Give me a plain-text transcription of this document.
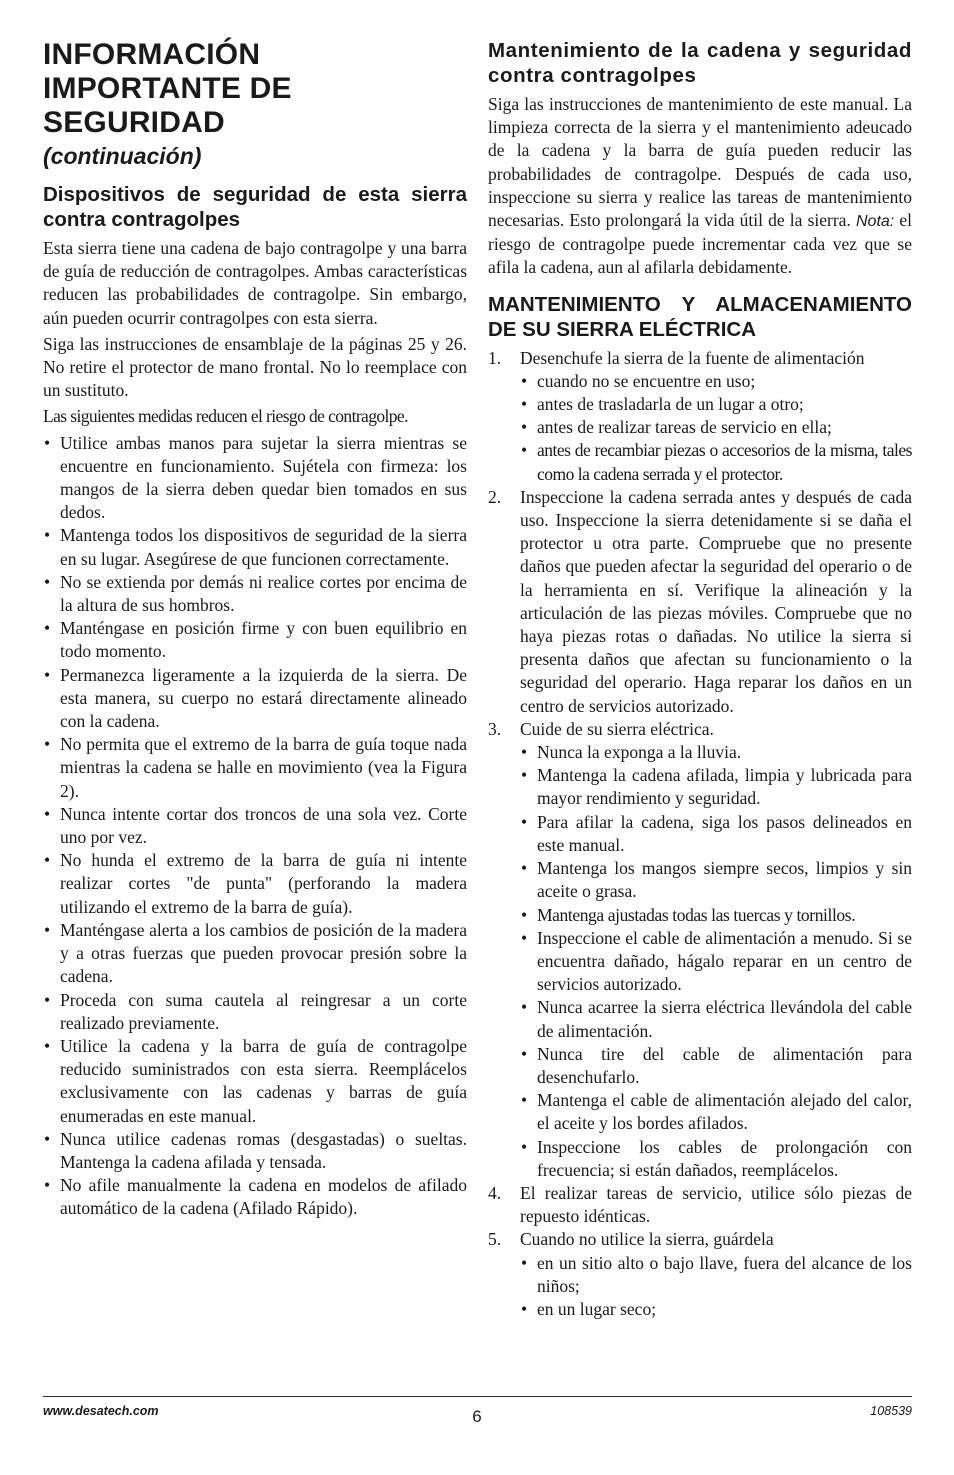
INFORMACIÓN
IMPORTANTE DE
SEGURIDAD
(continuación)
Dispositivos de seguridad de esta sierra contra contragolpes

Esta sierra tiene una cadena de bajo contragolpe y una barra de guía de reducción de contragolpes. Ambas características reducen las probabilidades de contragolpe. Sin embargo, aún pueden ocurrir contragolpes con esta sierra.

Siga las instrucciones de ensamblaje de la páginas 25 y 26. No retire el protector de mano frontal. No lo reemplace con un sustituto.

Las siguientes medidas reducen el riesgo de contragolpe.

• Utilice ambas manos para sujetar la sierra mientras se encuentre en funcionamiento. Sujétela con firmeza: los mangos de la sierra deben quedar bien tomados en sus dedos.
• Mantenga todos los dispositivos de seguridad de la sierra en su lugar. Asegúrese de que funcionen correctamente.
• No se extienda por demás ni realice cortes por encima de la altura de sus hombros.
• Manténgase en posición firme y con buen equilibrio en todo momento.
• Permanezca ligeramente a la izquierda de la sierra. De esta manera, su cuerpo no estará directamente alineado con la cadena.
• No permita que el extremo de la barra de guía toque nada mientras la cadena se halle en movimiento (vea la Figura 2).
• Nunca intente cortar dos troncos de una sola vez. Corte uno por vez.
• No hunda el extremo de la barra de guía ni intente realizar cortes "de punta" (perforando la madera utilizando el extremo de la barra de guía).
• Manténgase alerta a los cambios de posición de la madera y a otras fuerzas que pueden provocar presión sobre la cadena.
• Proceda con suma cautela al reingresar a un corte realizado previamente.
• Utilice la cadena y la barra de guía de contragolpe reducido suministrados con esta sierra. Reemplácelos exclusivamente con las cadenas y barras de guía enumeradas en este manual.
• Nunca utilice cadenas romas (desgastadas) o sueltas. Mantenga la cadena afilada y tensada.
• No afile manualmente la cadena en modelos de afilado automático de la cadena (Afilado Rápido).
Mantenimiento de la cadena y seguridad contra contragolpes

Siga las instrucciones de mantenimiento de este manual. La limpieza correcta de la sierra y el mantenimiento adeucado de la cadena y la barra de guía pueden reducir las probabilidades de contragolpe. Después de cada uso, inspeccione su sierra y realice las tareas de mantenimiento necesarias. Esto prolongará la vida útil de la sierra. Nota: el riesgo de contragolpe puede incrementar cada vez que se afila la cadena, aun al afilarla debidamente.

MANTENIMIENTO Y ALMACENAMIENTO DE SU SIERRA ELÉCTRICA
1. Desenchufe la sierra de la fuente de alimentación
• cuando no se encuentre en uso;
• antes de trasladarla de un lugar a otro;
• antes de realizar tareas de servicio en ella;
• antes de recambiar piezas o accesorios de la misma, tales como la cadena serrada y el protector.
2. Inspeccione la cadena serrada antes y después de cada uso. Inspeccione la sierra detenidamente si se daña el protector u otra parte. Compruebe que no presente daños que pueden afectar la seguridad del operario o de la herramienta en sí. Verifique la alineación y la articulación de las piezas móviles. Compruebe que no haya piezas rotas o dañadas. No utilice la sierra si presenta daños que afectan su funcionamiento o la seguridad del operario. Haga reparar los daños en un centro de servicios autorizado.
3. Cuide de su sierra eléctrica.
• Nunca la exponga a la lluvia.
• Mantenga la cadena afilada, limpia y lubricada para mayor rendimiento y seguridad.
• Para afilar la cadena, siga los pasos delineados en este manual.
• Mantenga los mangos siempre secos, limpios y sin aceite o grasa.
• Mantenga ajustadas todas las tuercas y tornillos.
• Inspeccione el cable de alimentación a menudo. Si se encuentra dañado, hágalo reparar en un centro de servicios autorizado.
• Nunca acarree la sierra eléctrica llevándola del cable de alimentación.
• Nunca tire del cable de alimentación para desenchufarlo.
• Mantenga el cable de alimentación alejado del calor, el aceite y los bordes afilados.
• Inspeccione los cables de prolongación con frecuencia; si están dañados, reemplácelos.
4. El realizar tareas de servicio, utilice sólo piezas de repuesto idénticas.
5. Cuando no utilice la sierra, guárdela
• en un sitio alto o bajo llave, fuera del alcance de los niños;
• en un lugar seco;
www.desatech.com	6	108539
